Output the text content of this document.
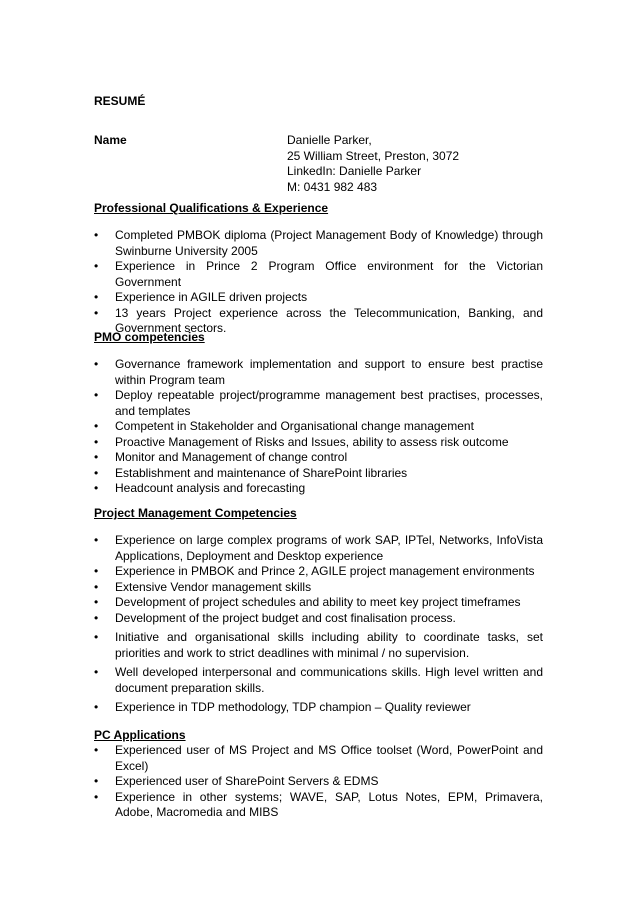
RESUMÉ
Name	Danielle Parker,
25 William Street, Preston, 3072
LinkedIn: Danielle Parker
M: 0431 982 483
Professional Qualifications & Experience
• Completed PMBOK diploma (Project Management Body of Knowledge) through Swinburne University 2005
• Experience in Prince 2 Program Office environment for the Victorian Government
• Experience in AGILE driven projects
• 13 years Project experience across the Telecommunication, Banking, and Government sectors.
PMO competencies
• Governance framework implementation and support to ensure best practise within Program team
• Deploy repeatable project/programme management best practises, processes, and templates
• Competent in Stakeholder and Organisational change management
• Proactive Management of Risks and Issues, ability to assess risk outcome
• Monitor and Management of change control
• Establishment and maintenance of SharePoint libraries
• Headcount analysis and forecasting
Project Management Competencies
• Experience on large complex programs of work SAP, IPTel, Networks, InfoVista Applications, Deployment and Desktop experience
• Experience in PMBOK and Prince 2, AGILE project management environments
• Extensive Vendor management skills
• Development of project schedules and ability to meet key project timeframes
• Development of the project budget and cost finalisation process.
• Initiative and organisational skills including ability to coordinate tasks, set priorities and work to strict deadlines with minimal / no supervision.
• Well developed interpersonal and communications skills. High level written and document preparation skills.
• Experience in TDP methodology, TDP champion – Quality reviewer
PC Applications
• Experienced user of MS Project and MS Office toolset (Word, PowerPoint and Excel)
• Experienced user of SharePoint Servers & EDMS
• Experience in other systems; WAVE, SAP, Lotus Notes, EPM, Primavera, Adobe, Macromedia and MIBS
